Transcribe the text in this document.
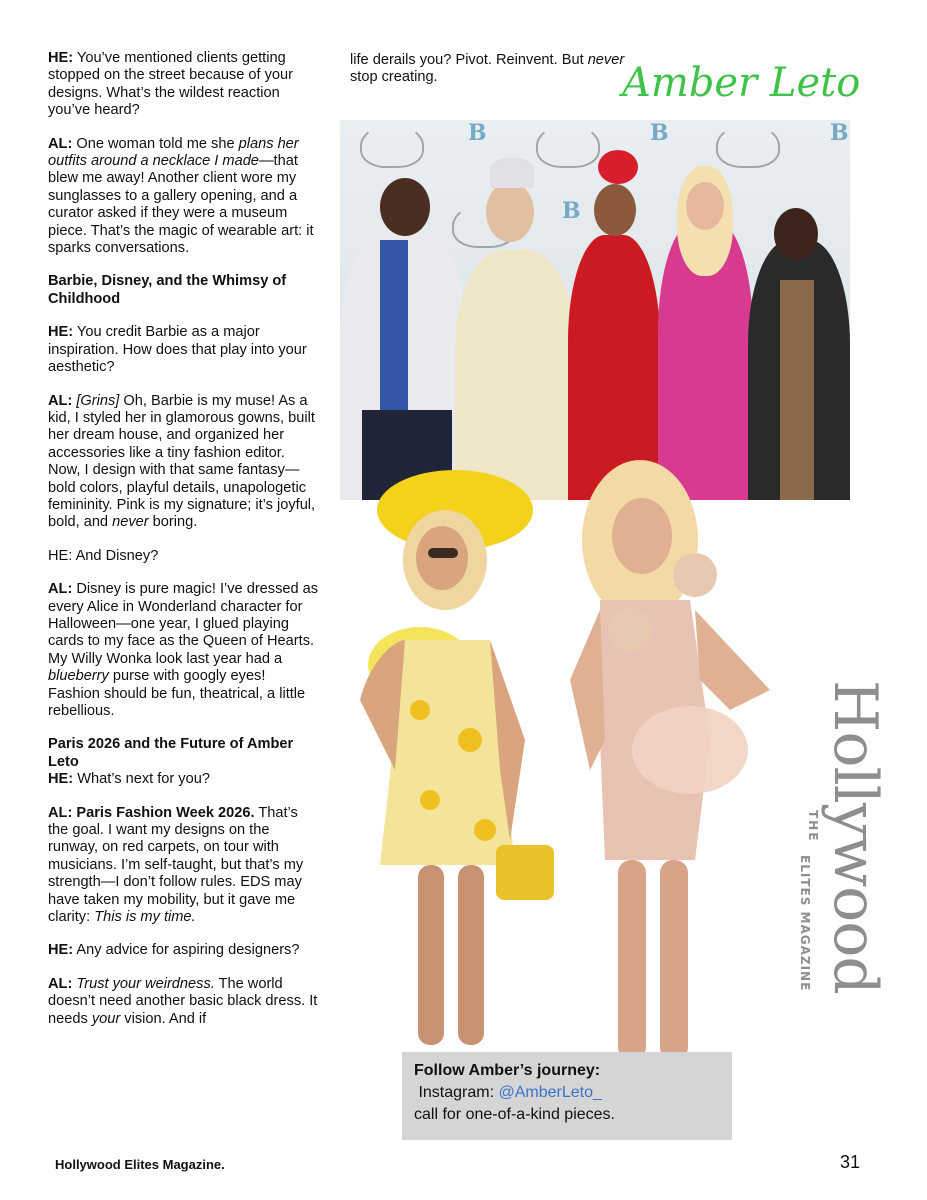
HE: You’ve mentioned clients getting stopped on the street because of your designs. What’s the wildest reaction you’ve heard?

AL: One woman told me she plans her outfits around a necklace I made—that blew me away! Another client wore my sunglasses to a gallery opening, and a curator asked if they were a museum piece. That’s the magic of wearable art: it sparks conversations.

Barbie, Disney, and the Whimsy of Childhood

HE: You credit Barbie as a major inspiration. How does that play into your aesthetic?

AL: [Grins] Oh, Barbie is my muse! As a kid, I styled her in glamorous gowns, built her dream house, and organized her accessories like a tiny fashion editor. Now, I design with that same fantasy—bold colors, playful details, unapologetic femininity. Pink is my signature; it’s joyful, bold, and never boring.

HE: And Disney?

AL: Disney is pure magic! I’ve dressed as every Alice in Wonderland character for Halloween—one year, I glued playing cards to my face as the Queen of Hearts. My Willy Wonka look last year had a blueberry purse with googly eyes! Fashion should be fun, theatrical, a little rebellious.

Paris 2026 and the Future of Amber Leto

HE: What’s next for you?

AL: Paris Fashion Week 2026. That’s the goal. I want my designs on the runway, on red carpets, on tour with musicians. I’m self-taught, but that’s my strength—I don’t follow rules. EDS may have taken my mobility, but it gave me clarity: This is my time.

HE: Any advice for aspiring designers?

AL: Trust your weirdness. The world doesn’t need another basic black dress. It needs your vision. And if

life derails you? Pivot. Reinvent. But never stop creating.	Amber Leto
B	B	B
B
Hollywood
THE
ELITES MAGAZINE
Follow Amber’s journey:
Instagram: @AmberLeto_
call for one-of-a-kind pieces.
Hollywood Elites Magazine.	31
